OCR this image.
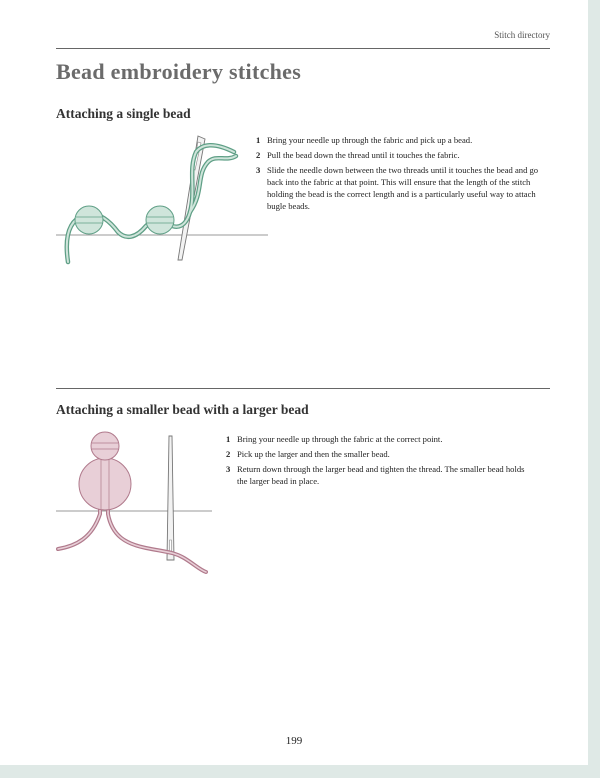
Stitch directory
Bead embroidery stitches
Attaching a single bead
1 Bring your needle up through the fabric and pick up a bead.
2 Pull the bead down the thread until it touches the fabric.
3 Slide the needle down between the two threads until it touches the bead and go back into the fabric at that point. This will ensure that the length of the stitch holding the bead is the correct length and is a particularly useful way to attach bugle beads.
Attaching a smaller bead with a larger bead
1 Bring your needle up through the fabric at the correct point.
2 Pick up the larger and then the smaller bead.
3 Return down through the larger bead and tighten the thread. The smaller bead holds the larger bead in place.
199
